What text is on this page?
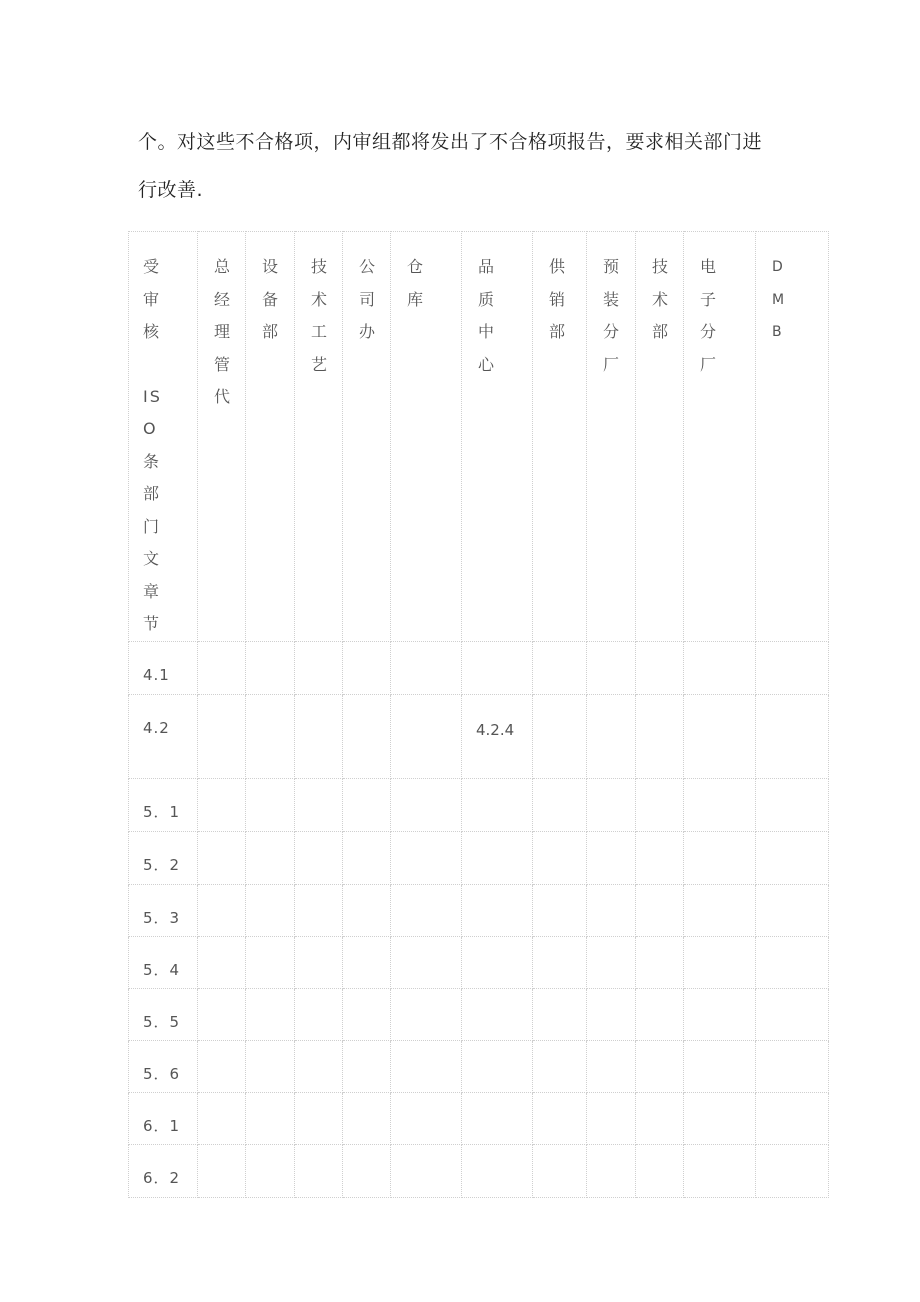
个。对这些不合格项，内审组都将发出了不合格项报告，要求相关部门进

行改善.

受审核
ISO条部门文章节	总经理管代	设备部	技术工艺	公司办	仓库	品质中心	供销部	预装分厂	技术部	电子分厂	DMB

4.1											

4.2						4.2.4					

5．1											

5．2											

5．3											

5．4											

5．5											

5．6											

6．1											

6．2											
